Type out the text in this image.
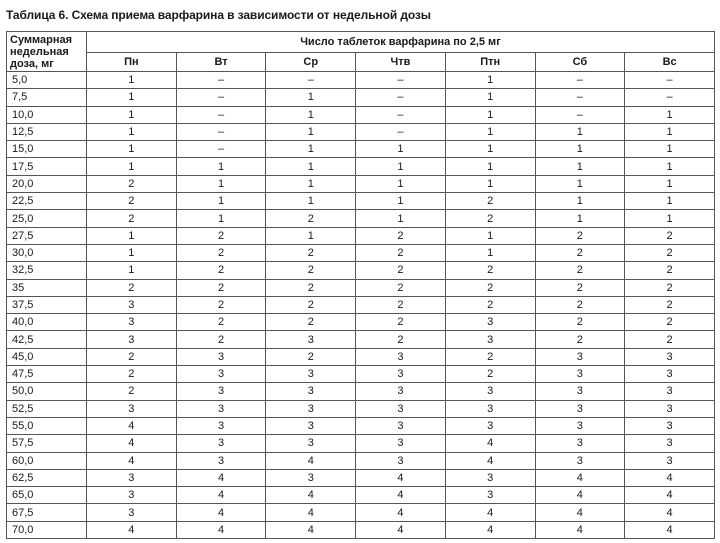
Таблица 6. Схема приема варфарина в зависимости от недельной дозы
Суммарная недельная доза, мг	Число таблеток варфарина по 2,5 мг						
	Пн	Вт	Ср	Чтв	Птн	Сб	Вс
5,0	1	–	–	–	1	–	–
7,5	1	–	1	–	1	–	–
10,0	1	–	1	–	1	–	1
12,5	1	–	1	–	1	1	1
15,0	1	–	1	1	1	1	1
17,5	1	1	1	1	1	1	1
20,0	2	1	1	1	1	1	1
22,5	2	1	1	1	2	1	1
25,0	2	1	2	1	2	1	1
27,5	1	2	1	2	1	2	2
30,0	1	2	2	2	1	2	2
32,5	1	2	2	2	2	2	2
35	2	2	2	2	2	2	2
37,5	3	2	2	2	2	2	2
40,0	3	2	2	2	3	2	2
42,5	3	2	3	2	3	2	2
45,0	2	3	2	3	2	3	3
47,5	2	3	3	3	2	3	3
50,0	2	3	3	3	3	3	3
52,5	3	3	3	3	3	3	3
55,0	4	3	3	3	3	3	3
57,5	4	3	3	3	4	3	3
60,0	4	3	4	3	4	3	3
62,5	3	4	3	4	3	4	4
65,0	3	4	4	4	3	4	4
67,5	3	4	4	4	4	4	4
70,0	4	4	4	4	4	4	4
